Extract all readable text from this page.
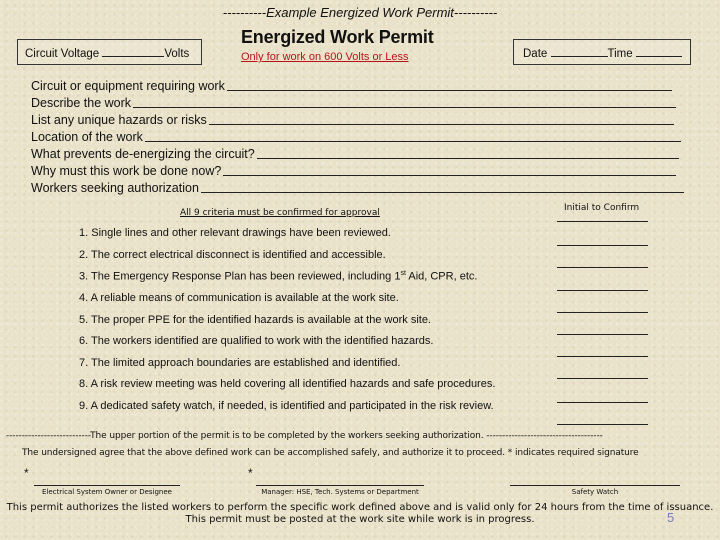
----------Example Energized Work Permit----------
Circuit Voltage	Volts
Energized Work Permit
Only for work on 600 Volts or Less	Date	Time
Circuit or equipment requiring work
Describe the work
List any unique hazards or risks
Location of the work
What prevents de-energizing the circuit?
Why must this work be done now?
Workers seeking authorization
All 9 criteria must be confirmed for approval	Initial to Confirm
1. Single lines and other relevant drawings have been reviewed.
2. The correct electrical disconnect is identified and accessible.
3. The Emergency Response Plan has been reviewed, including 1st Aid, CPR, etc.
4. A reliable means of communication is available at the work site.
5. The proper PPE for the identified hazards is available at the work site.
6. The workers identified are qualified to work with the identified hazards.
7. The limited approach boundaries are established and identified.
8. A risk review meeting was held covering all identified hazards and safe procedures.
9. A dedicated safety watch, if needed, is identified and participated in the risk review.
---------------------------The upper portion of the permit is to be completed by the workers seeking authorization. -------------------------------------
The undersigned agree that the above defined work can be accomplished safely, and authorize it to proceed. * indicates required signature
*
Electrical System Owner or Designee
*
Manager: HSE, Tech. Systems or Department	Safety Watch
This permit authorizes the listed workers to perform the specific work defined above and is valid only for 24 hours from the time of issuance.
This permit must be posted at the work site while work is in progress.	5
